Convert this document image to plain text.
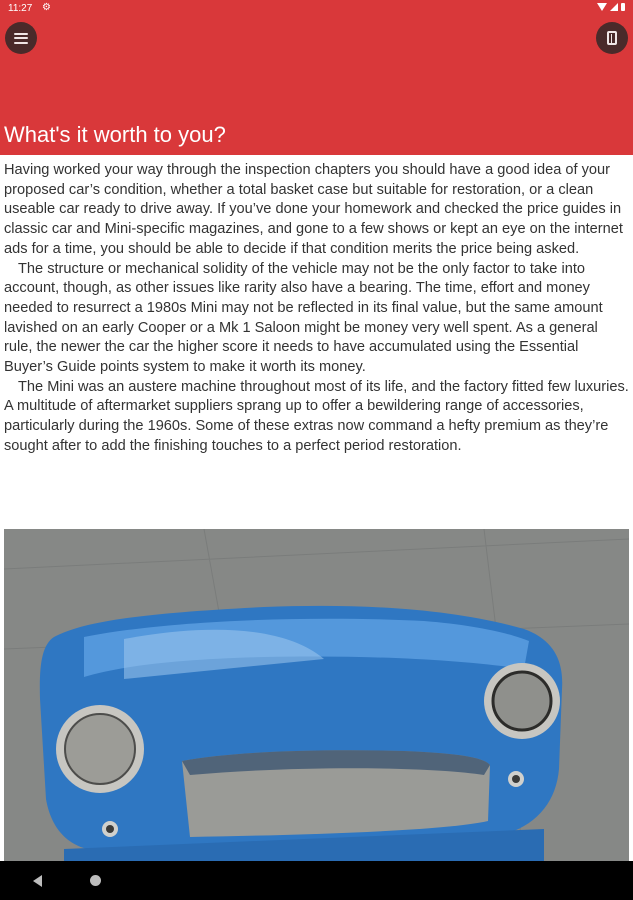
11:27 ⚙
What's it worth to you?

Having worked your way through the inspection chapters you should have a good idea of your proposed car’s condition, whether a total basket case but suitable for restoration, or a clean useable car ready to drive away. If you’ve done your homework and checked the price guides in classic car and Mini-specific magazines, and gone to a few shows or kept an eye on the internet ads for a time, you should be able to decide if that condition merits the price being asked.

The structure or mechanical solidity of the vehicle may not be the only factor to take into account, though, as other issues like rarity also have a bearing. The time, effort and money needed to resurrect a 1980s Mini may not be reflected in its final value, but the same amount lavished on an early Cooper or a Mk 1 Saloon might be money very well spent. As a general rule, the newer the car the higher score it needs to have accumulated using the Essential Buyer’s Guide points system to make it worth its money.

The Mini was an austere machine throughout most of its life, and the factory fitted few luxuries. A multitude of aftermarket suppliers sprang up to offer a bewildering range of accessories, particularly during the 1960s. Some of these extras now command a hefty premium as they’re sought after to add the finishing touches to a perfect period restoration.
